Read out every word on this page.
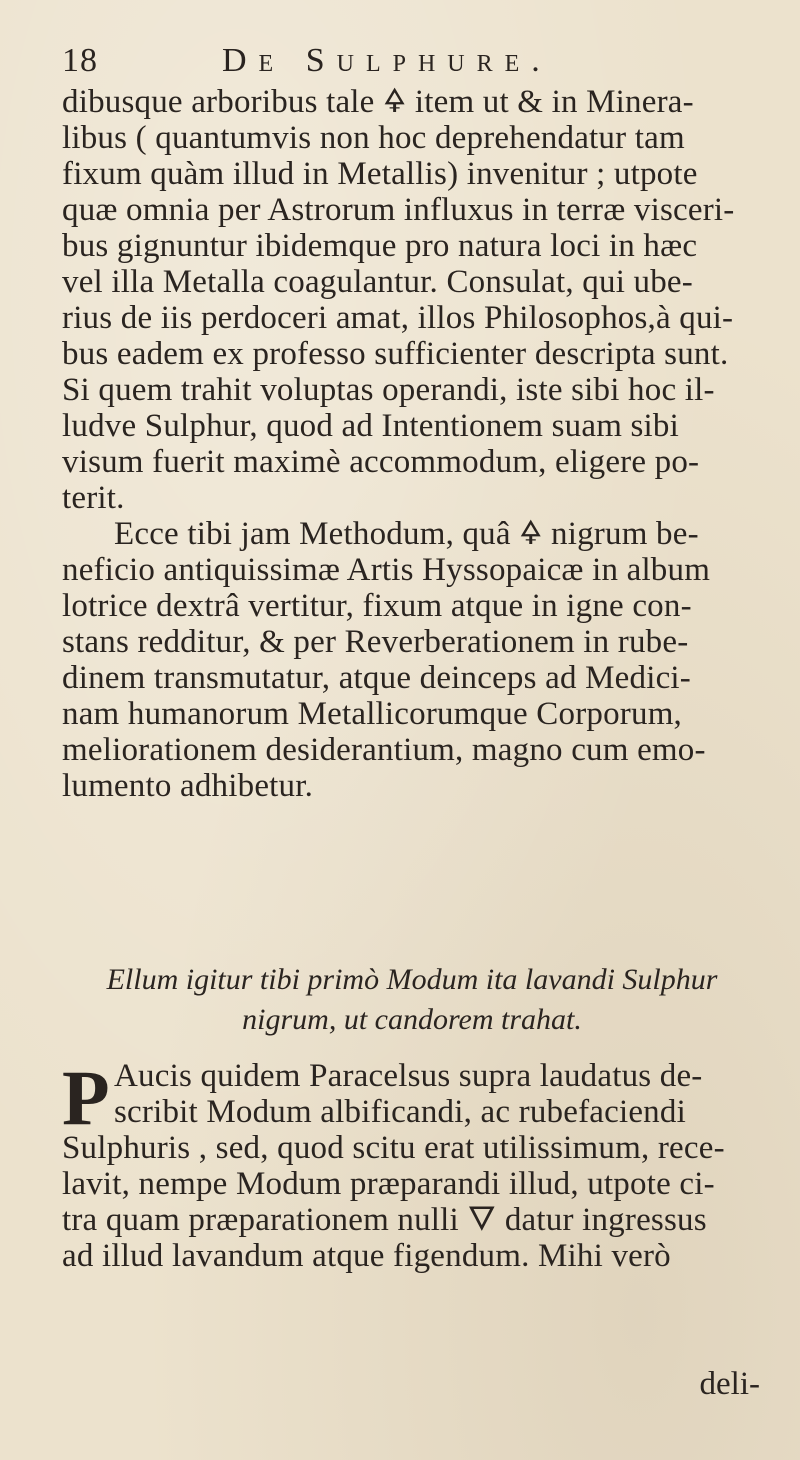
18	De Sulphure.
dibusque arboribus tale 🜍 item ut & in Minera-
libus ( quantumvis non hoc deprehendatur tam
fixum quàm illud in Metallis) invenitur ; utpote
quæ omnia per Astrorum influxus in terræ visceri-
bus gignuntur ibidemque pro natura loci in hæc
vel illa Metalla coagulantur. Consulat, qui ube-
rius de iis perdoceri amat, illos Philosophos,à qui-
bus eadem ex professo sufficienter descripta sunt.
Si quem trahit voluptas operandi, iste sibi hoc il-
ludve Sulphur, quod ad Intentionem suam sibi
visum fuerit maximè accommodum, eligere po-
terit.
Ecce tibi jam Methodum, quâ 🜍 nigrum be-
neficio antiquissimæ Artis Hyssopaicæ in album
lotrice dextrâ vertitur, fixum atque in igne con-
stans redditur, & per Reverberationem in rube-
dinem transmutatur, atque deinceps ad Medici-
nam humanorum Metallicorumque Corporum,
meliorationem desiderantium, magno cum emo-
lumento adhibetur.
Ellum igitur tibi primò Modum ita lavandi Sulphur
nigrum, ut candorem trahat.
P Aucis quidem Paracelsus supra laudatus de-
scribit Modum albificandi, ac rubefaciendi
Sulphuris , sed, quod scitu erat utilissimum, rece-
lavit, nempe Modum præparandi illud, utpote ci-
tra quam præparationem nulli 🜄 datur ingressus
ad illud lavandum atque figendum. Mihi verò
deli-
